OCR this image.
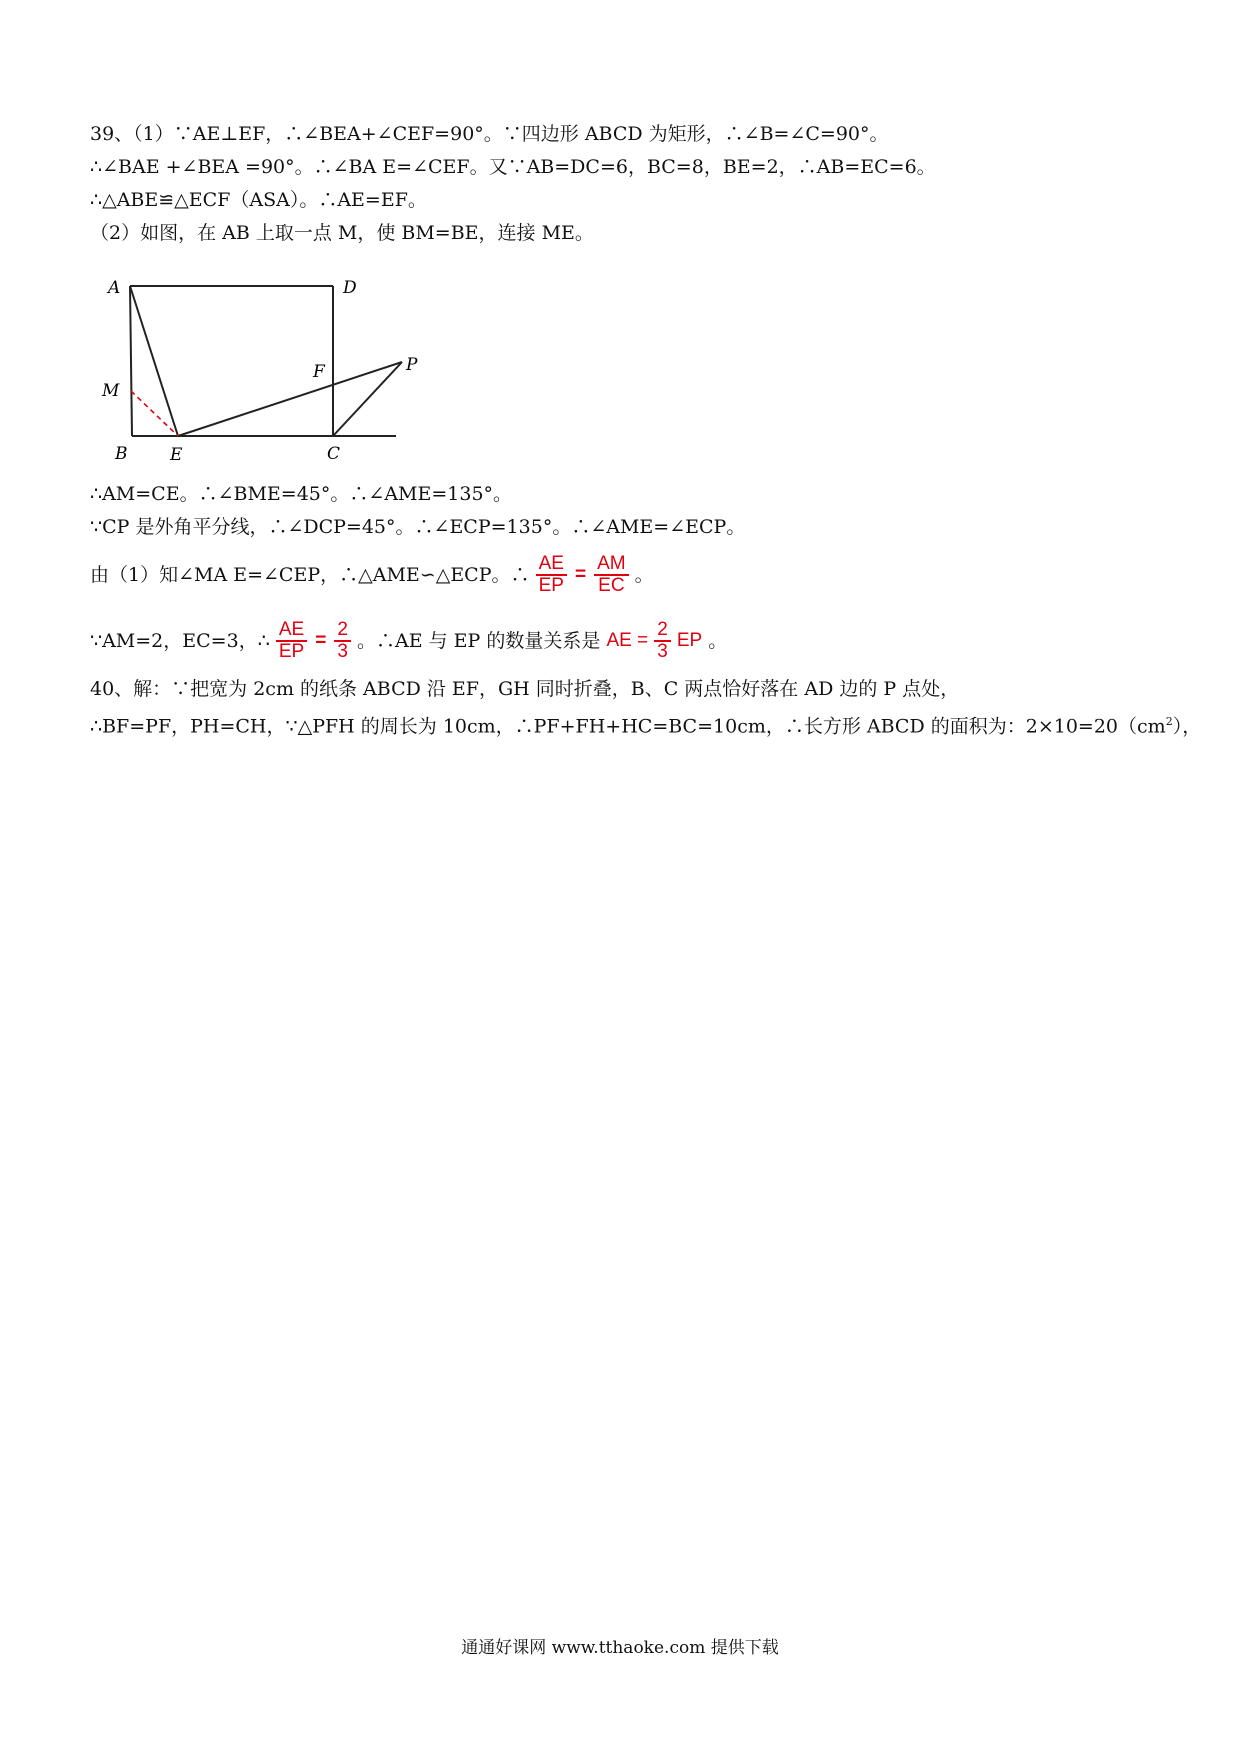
39、（1）∵AE⊥EF，∴∠BEA+∠CEF=90°。∵四边形 ABCD 为矩形，∴∠B=∠C=90°。
∴∠BAE +∠BEA =90°。∴∠BA E=∠CEF。又∵AB=DC=6，BC=8，BE=2，∴AB=EC=6。
∴△ABE≌△ECF（ASA）。∴AE=EF。
（2）如图，在 AB 上取一点 M，使 BM=BE，连接 ME。
A	D
F	P
M
B	E	C
∴AM=CE。∴∠BME=45°。∴∠AME=135°。
∵CP 是外角平分线，∴∠DCP=45°。∴∠ECP=135°。∴∠AME=∠ECP。
由（1）知∠MA E=∠CEP，∴△AME∽△ECP。∴ $\frac{AE}{EP} = \frac{AM}{EC}$ 。
∵AM=2，EC=3，∴ $\frac{AE}{EP} = \frac{2}{3}$ 。∴AE 与 EP 的数量关系是 AE = $\frac{2}{3}$ EP 。
40、解：∵把宽为 2cm 的纸条 ABCD 沿 EF，GH 同时折叠，B、C 两点恰好落在 AD 边的 P 点处，
∴BF=PF，PH=CH，∵△PFH 的周长为 10cm，∴PF+FH+HC=BC=10cm，∴长方形 ABCD 的面积为：$2\times 10=20(cm^2)$，
通通好课网 www.tthaoke.com 提供下载
